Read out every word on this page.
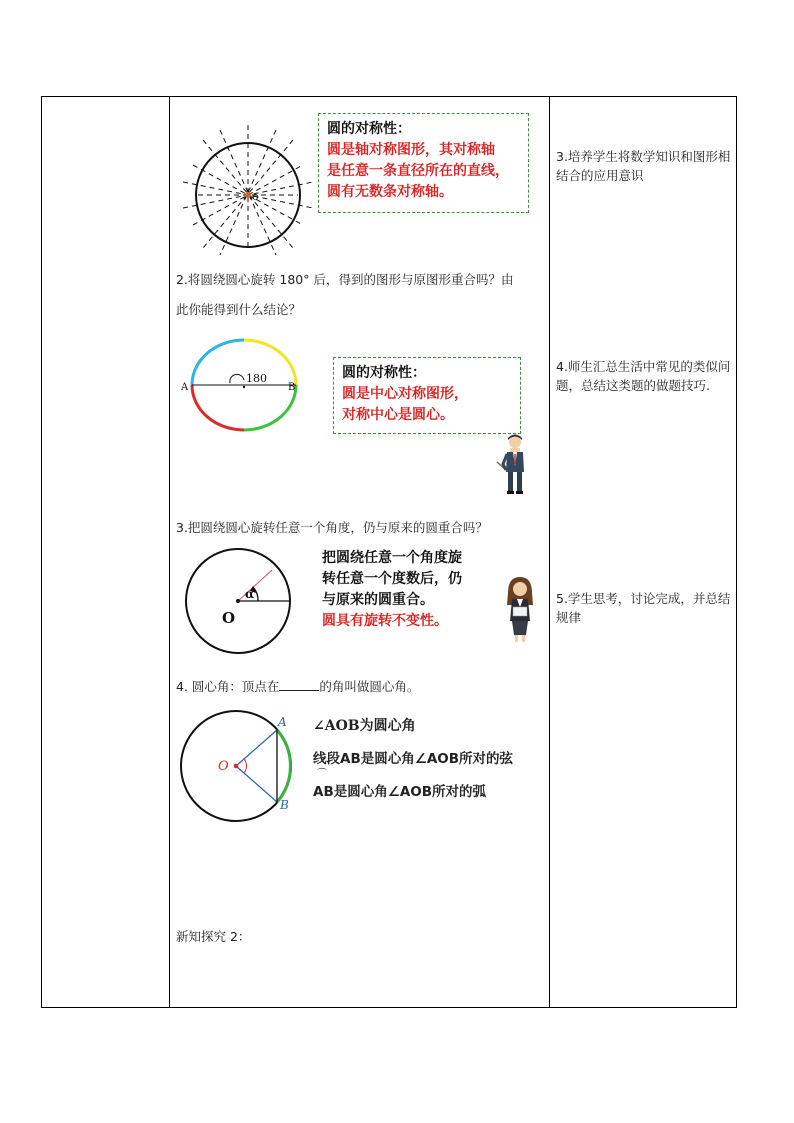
o
圆的对称性：
圆是轴对称图形，其对称轴
是任意一条直径所在的直线，
圆有无数条对称轴。
2.将圆绕圆心旋转 180° 后，得到的图形与原图形重合吗？由
此你能得到什么结论？
A	B
180	圆的对称性：
圆是中心对称图形，
对称中心是圆心。
3.把圆绕圆心旋转任意一个角度，仍与原来的圆重合吗？
α
O
把圆绕任意一个角度旋
转任意一个度数后，仍
与原来的圆重合。
圆具有旋转不变性。
4. 圆心角：顶点在	的角叫做圆心角。
O
A
B
∠AOB为圆心角
线段AB是圆心角∠AOB所对的弦
⌒
AB是圆心角∠AOB所对的弧
新知探究 2：
3.培养学生将数学知识和图形相结合的应用意识
4.师生汇总生活中常见的类似问题，总结这类题的做题技巧.
5.学生思考，讨论完成，并总结规律
